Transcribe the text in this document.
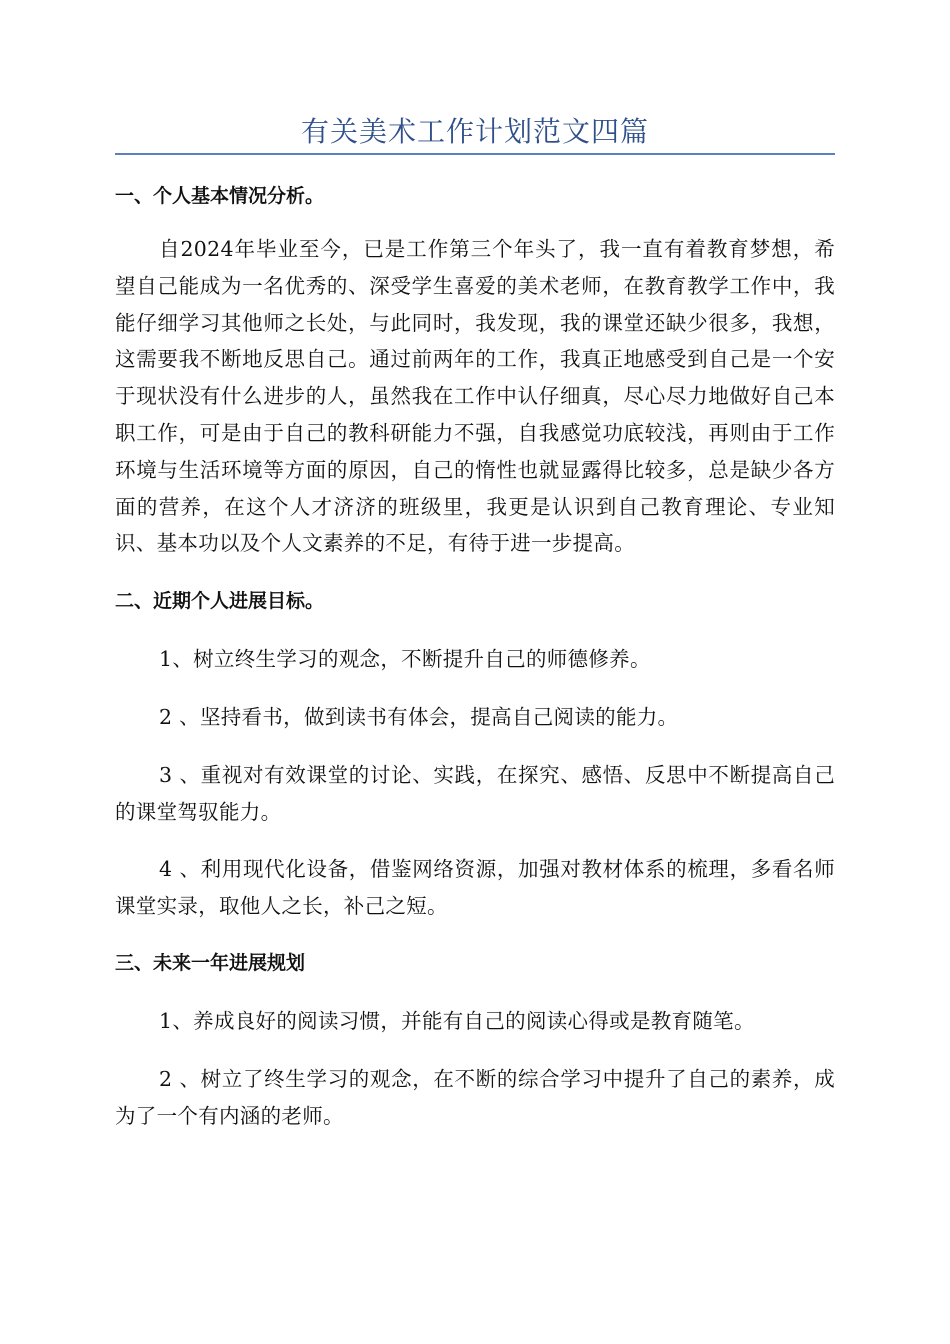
有关美术工作计划范文四篇

一、个人基本情况分析。

自2024年毕业至今，已是工作第三个年头了，我一直有着教育梦想，希望自己能成为一名优秀的、深受学生喜爱的美术老师，在教育教学工作中，我能仔细学习其他师之长处，与此同时，我发现，我的课堂还缺少很多，我想，这需要我不断地反思自己。通过前两年的工作，我真正地感受到自己是一个安于现状没有什么进步的人，虽然我在工作中认仔细真，尽心尽力地做好自己本职工作，可是由于自己的教科研能力不强，自我感觉功底较浅，再则由于工作环境与生活环境等方面的原因，自己的惰性也就显露得比较多，总是缺少各方面的营养，在这个人才济济的班级里，我更是认识到自己教育理论、专业知识、基本功以及个人文素养的不足，有待于进一步提高。

二、近期个人进展目标。

1、树立终生学习的观念，不断提升自己的师德修养。

2 、坚持看书，做到读书有体会，提高自己阅读的能力。

3 、重视对有效课堂的讨论、实践，在探究、感悟、反思中不断提高自己的课堂驾驭能力。

4 、利用现代化设备，借鉴网络资源，加强对教材体系的梳理，多看名师课堂实录，取他人之长，补己之短。

三、未来一年进展规划

1、养成良好的阅读习惯，并能有自己的阅读心得或是教育随笔。

2 、树立了终生学习的观念，在不断的综合学习中提升了自己的素养，成为了一个有内涵的老师。
